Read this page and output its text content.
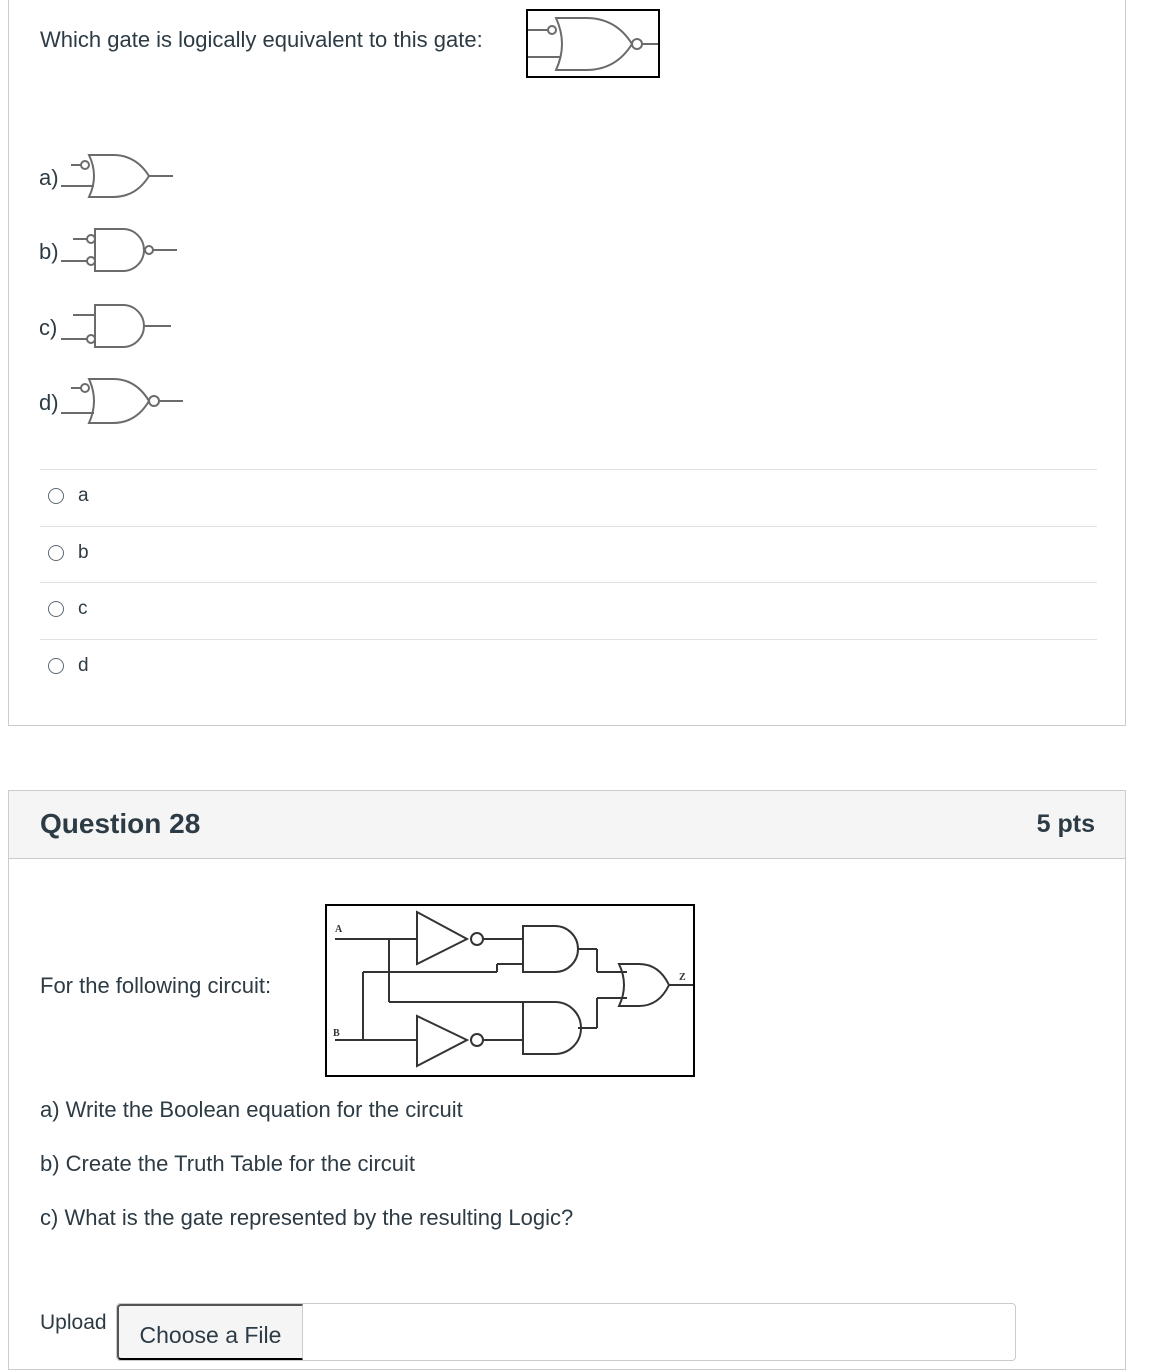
Which gate is logically equivalent to this gate:
a)
b)
c)
d)
a
b
c
d
Question 28	5 pts
For the following circuit:
A
B
Z
a) Write the Boolean equation for the circuit
b) Create the Truth Table for the circuit
c) What is the gate represented by the resulting Logic?
Upload	Choose a File
